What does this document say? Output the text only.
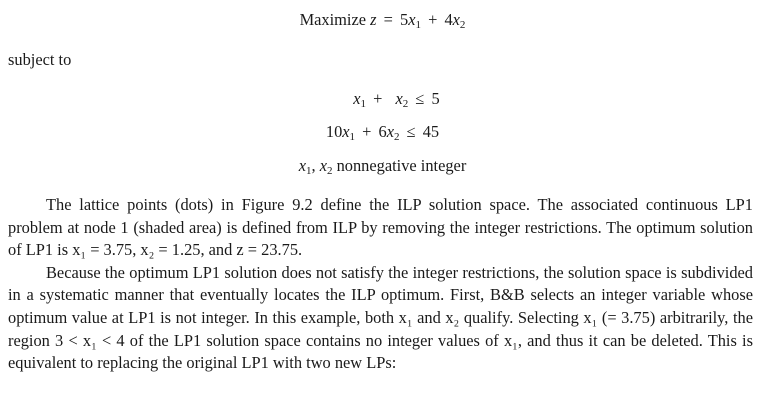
Maximize $z = 5x_1 + 4x_2$
subject to
$x_1 + x_2 \le 5$
$10x_1 + 6x_2 \le 45$
$x_1$, $x_2$ nonnegative integer

The lattice points (dots) in Figure 9.2 define the ILP solution space. The associated continuous LP1 problem at node 1 (shaded area) is defined from ILP by removing the integer restrictions. The optimum solution of LP1 is x₁ = 3.75, x₂ = 1.25, and z = 23.75.

Because the optimum LP1 solution does not satisfy the integer restrictions, the solution space is subdivided in a systematic manner that eventually locates the ILP optimum. First, B&B selects an integer variable whose optimum value at LP1 is not integer. In this example, both x₁ and x₂ qualify. Selecting x₁ (= 3.75) arbitrarily, the region 3 < x₁ < 4 of the LP1 solution space contains no integer values of x₁, and thus it can be deleted. This is equivalent to replacing the original LP1 with two new LPs:
